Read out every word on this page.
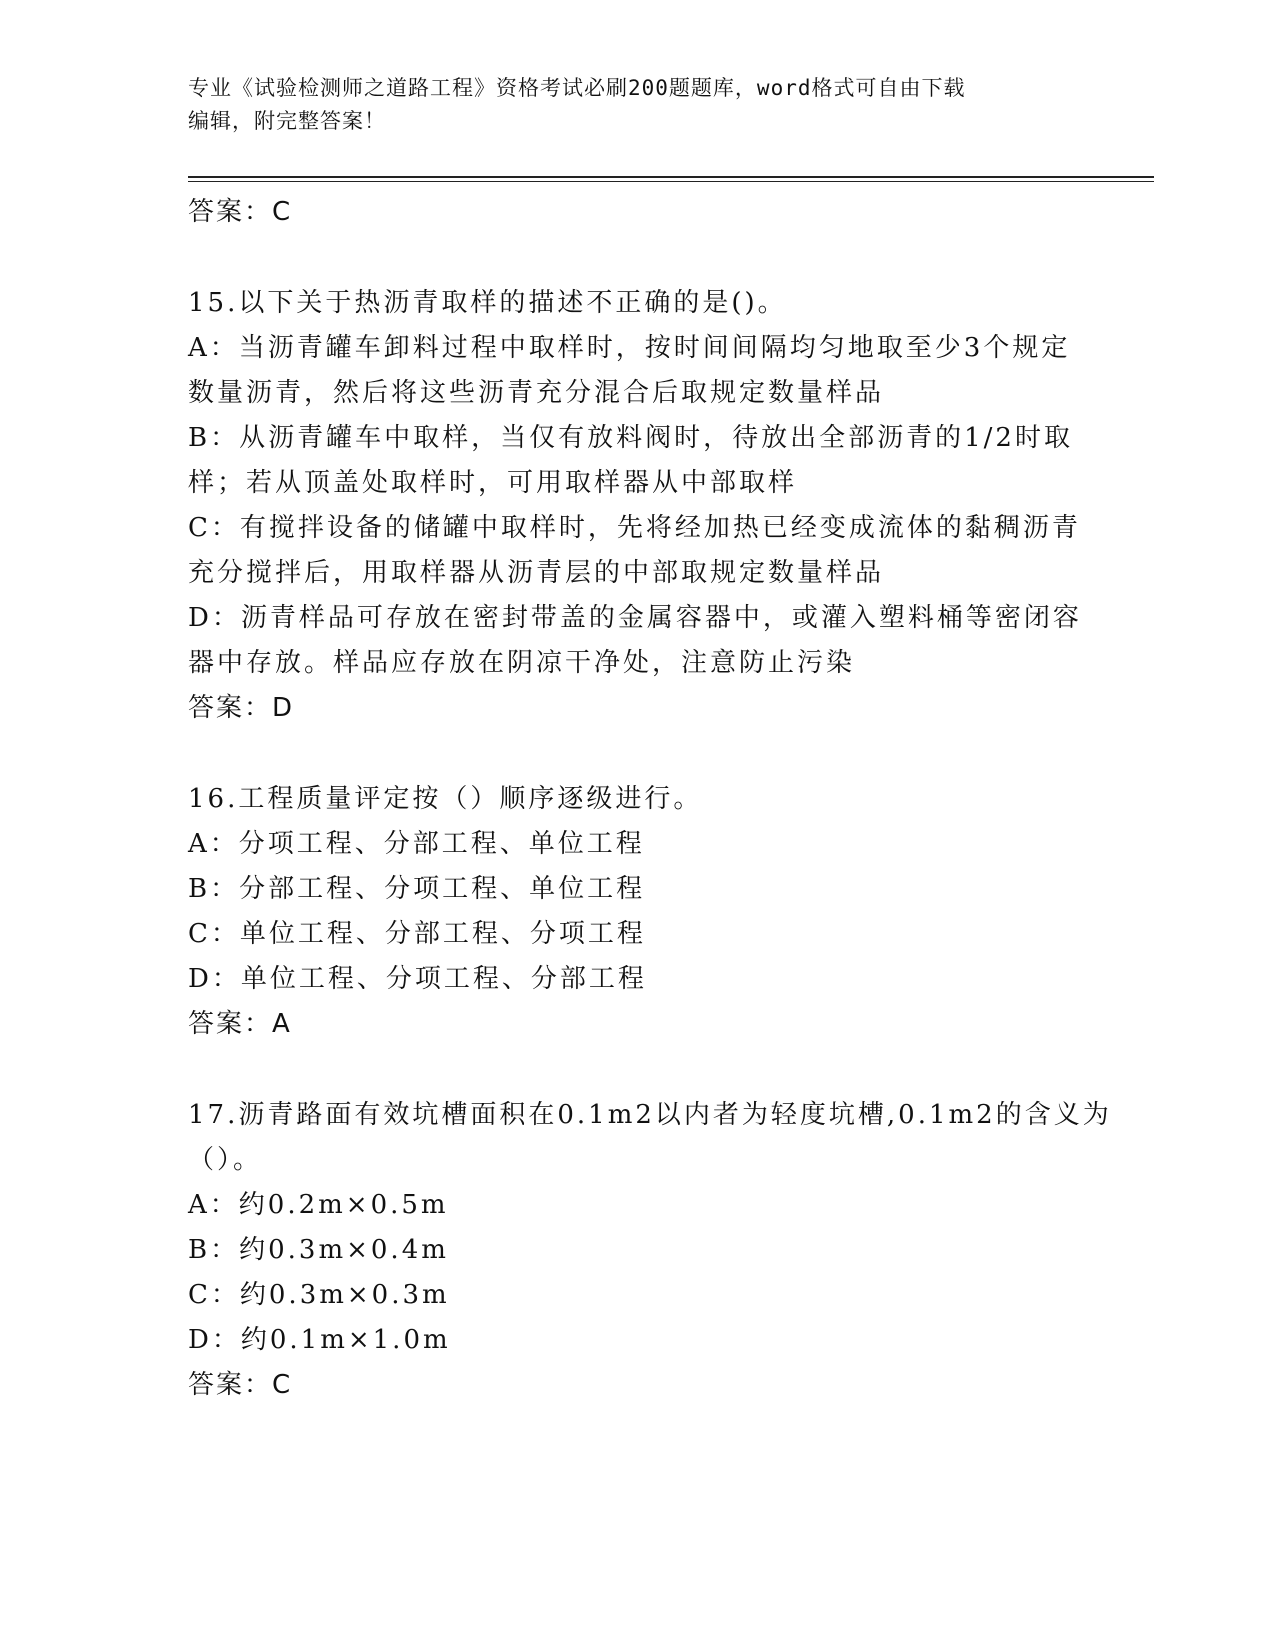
专业《试验检测师之道路工程》资格考试必刷200题题库，word格式可自由下载
编辑，附完整答案！
答案：C
15.以下关于热沥青取样的描述不正确的是()。
A：当沥青罐车卸料过程中取样时，按时间间隔均匀地取至少3个规定
数量沥青，然后将这些沥青充分混合后取规定数量样品
B：从沥青罐车中取样，当仅有放料阀时，待放出全部沥青的1/2时取
样；若从顶盖处取样时，可用取样器从中部取样
C：有搅拌设备的储罐中取样时，先将经加热已经变成流体的黏稠沥青
充分搅拌后，用取样器从沥青层的中部取规定数量样品
D：沥青样品可存放在密封带盖的金属容器中，或灌入塑料桶等密闭容
器中存放。样品应存放在阴凉干净处，注意防止污染
答案：D
16.工程质量评定按（）顺序逐级进行。
A：分项工程、分部工程、单位工程
B：分部工程、分项工程、单位工程
C：单位工程、分部工程、分项工程
D：单位工程、分项工程、分部工程
答案：A
17.沥青路面有效坑槽面积在0.1m2以内者为轻度坑槽,0.1m2的含义为
（）。
A：约0.2m×0.5m
B：约0.3m×0.4m
C：约0.3m×0.3m
D：约0.1m×1.0m
答案：C
